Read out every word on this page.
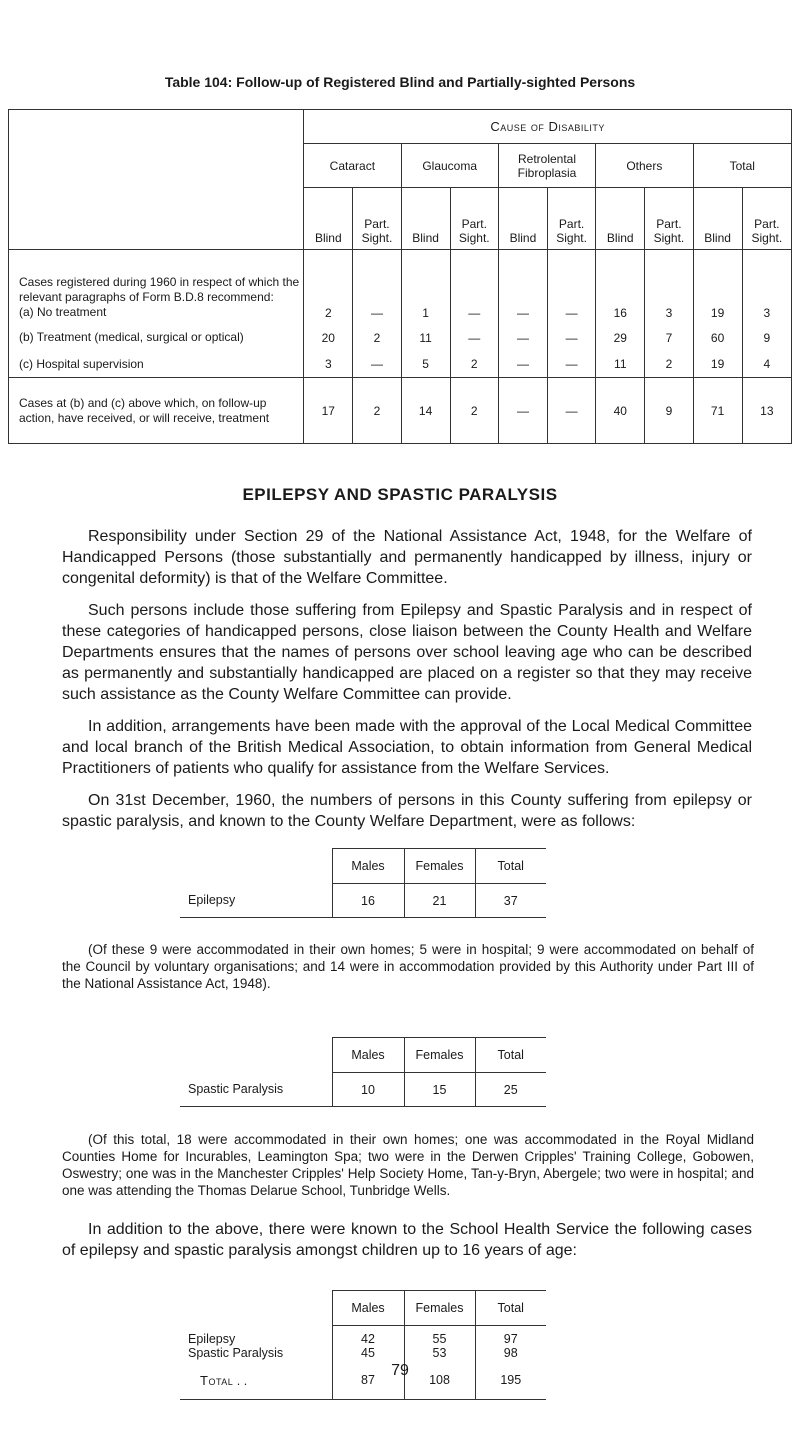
Table 104: Follow-up of Registered Blind and Partially-sighted Persons
	Cause of Disability									
	Cataract		Glaucoma		Retrolental Fibroplasia		Others		Total	
	Blind	Part. Sight.	Blind	Part. Sight.	Blind	Part. Sight.	Blind	Part. Sight.	Blind	Part. Sight.

Cases registered during 1960 in respect of which the relevant paragraphs of Form B.D.8 recommend:
(a) No treatment	2	—	1	—	—	—	16	3	19	3
(b) Treatment (medical, surgical or optical)	20	2	11	—	—	—	29	7	60	9
(c) Hospital supervision	3	—	5	2	—	—	11	2	19	4
Cases at (b) and (c) above which, on follow-up action, have received, or will receive, treatment	17	2	14	2	—	—	40	9	71	13
EPILEPSY AND SPASTIC PARALYSIS
Responsibility under Section 29 of the National Assistance Act, 1948, for the Welfare of Handicapped Persons (those substantially and permanently handicapped by illness, injury or congenital deformity) is that of the Welfare Committee.
Such persons include those suffering from Epilepsy and Spastic Paralysis and in respect of these categories of handicapped persons, close liaison between the County Health and Welfare Departments ensures that the names of persons over school leaving age who can be described as permanently and substantially handicapped are placed on a register so that they may receive such assistance as the County Welfare Committee can provide.
In addition, arrangements have been made with the approval of the Local Medical Committee and local branch of the British Medical Association, to obtain information from General Medical Practitioners of patients who qualify for assistance from the Welfare Services.
On 31st December, 1960, the numbers of persons in this County suffering from epilepsy or spastic paralysis, and known to the County Welfare Department, were as follows:
	Males	Females	Total
Epilepsy	16	21	37
(Of these 9 were accommodated in their own homes; 5 were in hospital; 9 were accommodated on behalf of the Council by voluntary organisations; and 14 were in accommodation provided by this Authority under Part III of the National Assistance Act, 1948).
	Males	Females	Total
Spastic Paralysis	10	15	25
(Of this total, 18 were accommodated in their own homes; one was accommodated in the Royal Midland Counties Home for Incurables, Leamington Spa; two were in the Derwen Cripples' Training College, Gobowen, Oswestry; one was in the Manchester Cripples' Help Society Home, Tan-y-Bryn, Abergele; two were in hospital; and one was attending the Thomas Delarue School, Tunbridge Wells.
In addition to the above, there were known to the School Health Service the following cases of epilepsy and spastic paralysis amongst children up to 16 years of age:
	Males	Females	Total
Epilepsy	42	55	97
Spastic Paralysis	45	53	98
Total . .	87	108	195
79
